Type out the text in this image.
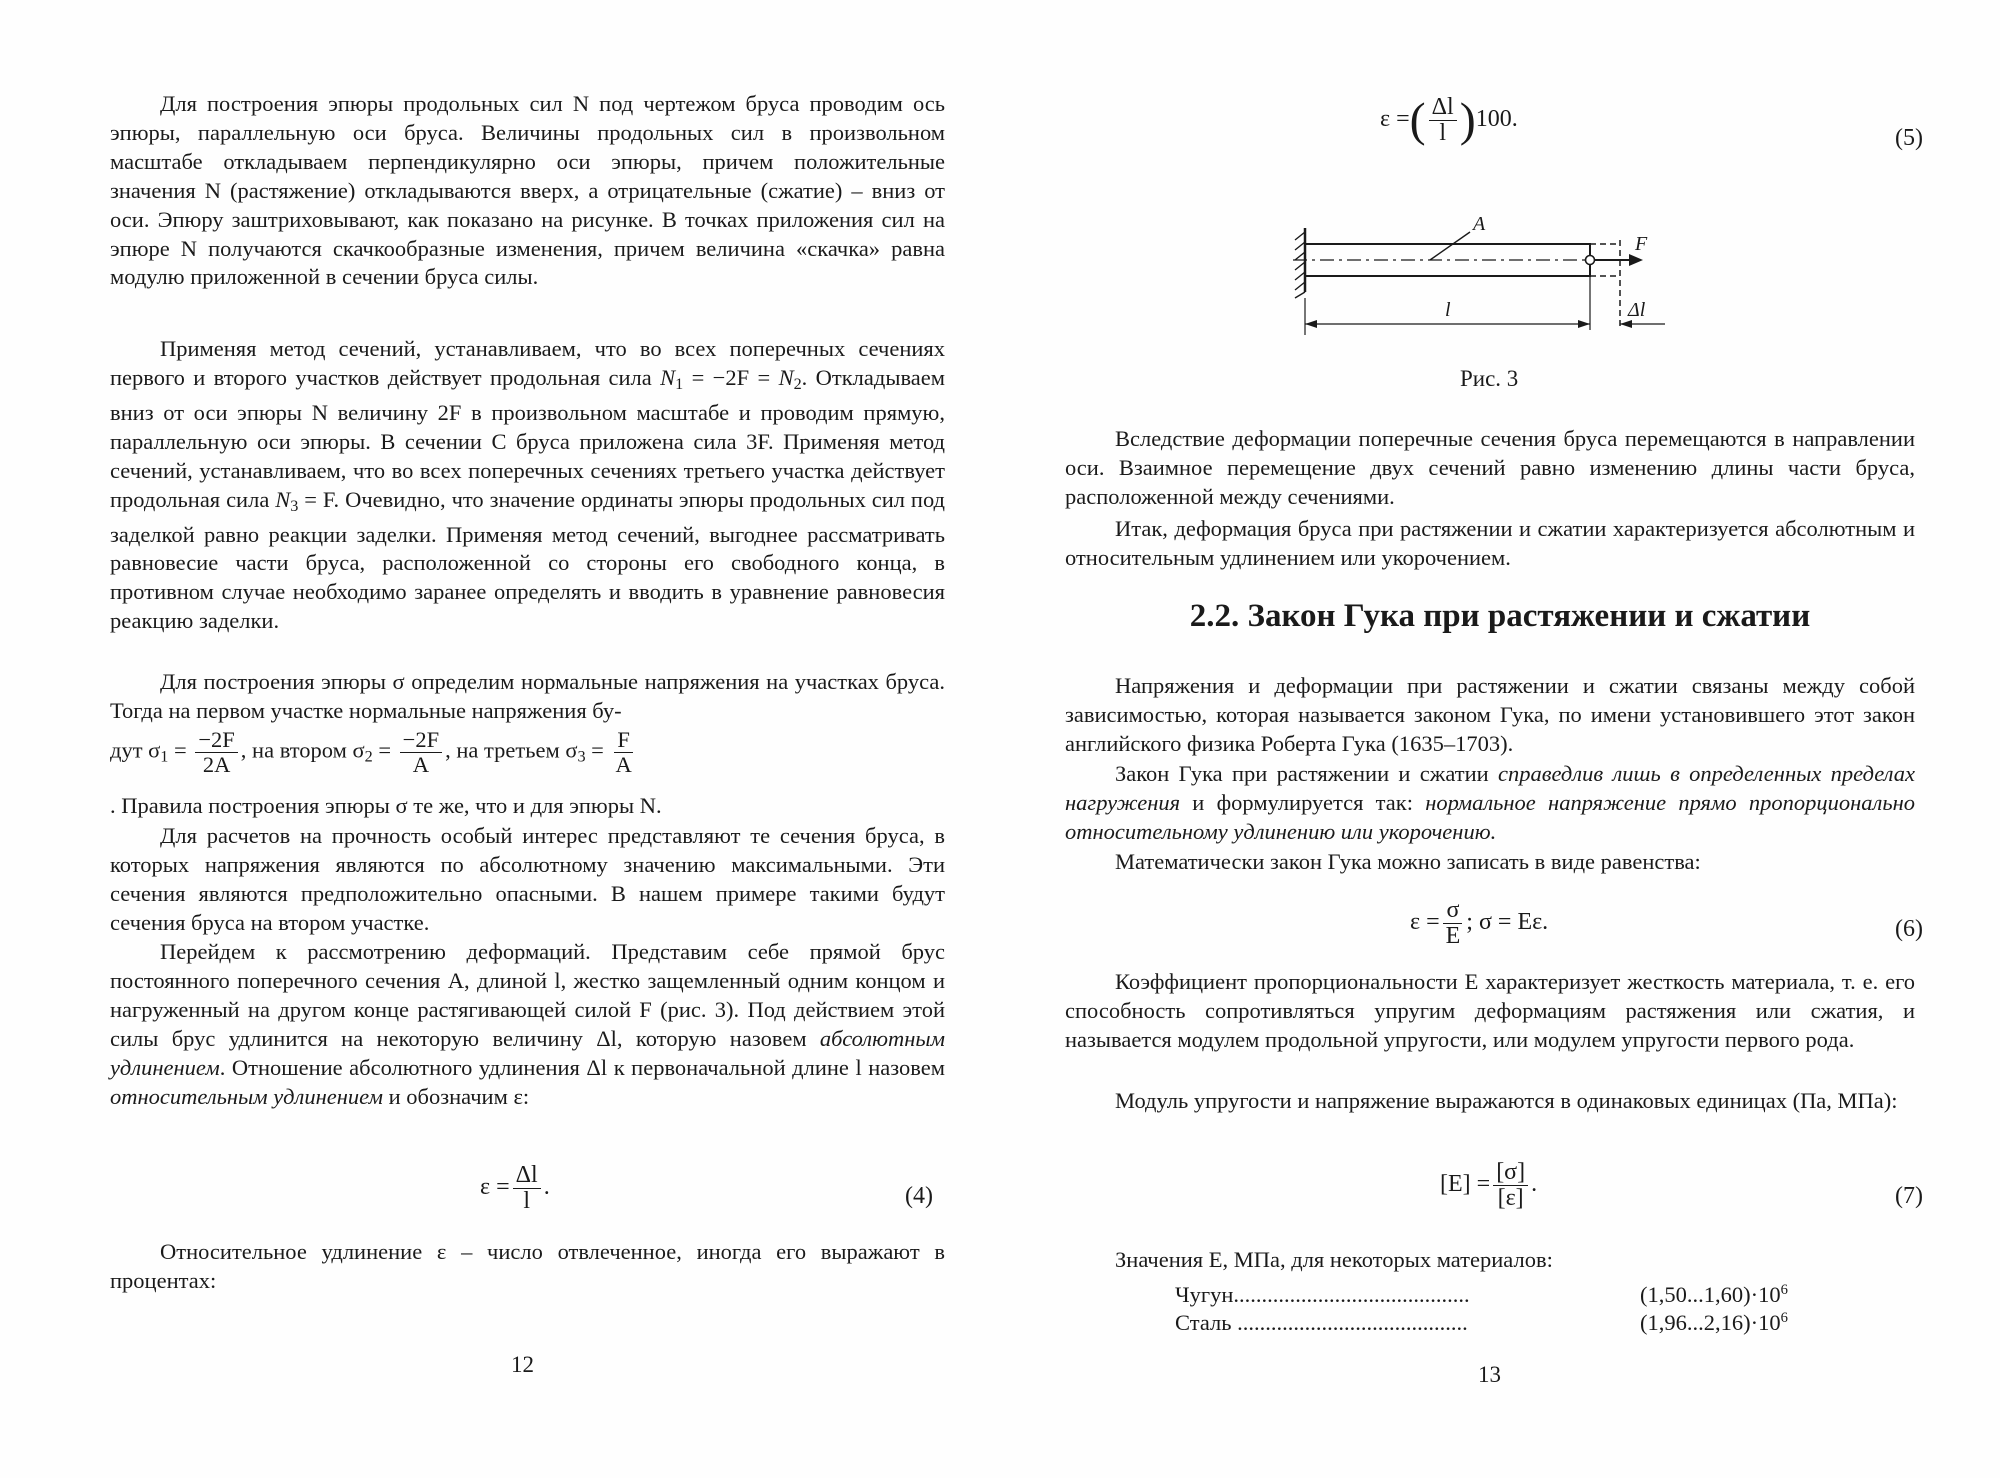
Для построения эпюры продольных сил N под чертежом бруса проводим ось эпюры, параллельную оси бруса. Величины продольных сил в произвольном масштабе откладываем перпендикулярно оси эпюры, причем положительные значения N (растяжение) откладываются вверх, а отрицательные (сжатие) – вниз от оси. Эпюру заштриховывают, как показано на рисунке. В точках приложения сил на эпюре N получаются скачкообразные изменения, причем величина «скачка» равна модулю приложенной в сечении бруса силы.

Применяя метод сечений, устанавливаем, что во всех поперечных сечениях первого и второго участков действует продольная сила $N_1 = -2F = N_2$. Откладываем вниз от оси эпюры N величину 2F в произвольном масштабе и проводим прямую, параллельную оси эпюры. В сечении C бруса приложена сила 3F. Применяя метод сечений, устанавливаем, что во всех поперечных сечениях третьего участка действует продольная сила $N_3 = F$. Очевидно, что значение ординаты эпюры продольных сил под заделкой равно реакции заделки. Применяя метод сечений, выгоднее рассматривать равновесие части бруса, расположенной со стороны его свободного конца, в противном случае необходимо заранее определять и вводить в уравнение равновесия реакцию заделки.

Для построения эпюры σ определим нормальные напряжения на участках бруса. Тогда на первом участке нормальные напряжения бу-

дут $\sigma_1 = \frac{-2F}{2A}$ , на втором $\sigma_2 = \frac{-2F}{A}$ , на третьем $\sigma_3 = \frac{F}{A}$

. Правила построения эпюры σ те же, что и для эпюры N.

Для расчетов на прочность особый интерес представляют те сечения бруса, в которых напряжения являются по абсолютному значению максимальными. Эти сечения являются предположительно опасными. В нашем примере такими будут сечения бруса на втором участке.

Перейдем к рассмотрению деформаций. Представим себе прямой брус постоянного поперечного сечения A, длиной l, жестко защемленный одним концом и нагруженный на другом конце растягивающей силой F (рис. 3). Под действием этой силы брус удлинится на некоторую величину Δl, которую назовем абсолютным удлинением. Отношение абсолютного удлинения Δl к первоначальной длине l назовем относительным удлинением и обозначим ε:

$\varepsilon = \frac{\Delta l}{l}$ .	(4)

Относительное удлинение ε – число отвлеченное, иногда его выражают в процентах:

12
ε =( $\frac{\Delta l}{l} )100$.
(5)
A
F
l	Δl
Рис. 3

Вследствие деформации поперечные сечения бруса перемещаются в направлении оси. Взаимное перемещение двух сечений равно изменению длины части бруса, расположенной между сечениями.

Итак, деформация бруса при растяжении и сжатии характеризуется абсолютным и относительным удлинением или укорочением.

2.2. Закон Гука при растяжении и сжатии

Напряжения и деформации при растяжении и сжатии связаны между собой зависимостью, которая называется законом Гука, по имени установившего этот закон английского физика Роберта Гука (1635–1703).

Закон Гука при растяжении и сжатии справедлив лишь в определенных пределах нагружения и формулируется так: нормальное напряжение прямо пропорционально относительному удлинению или укорочению.

Математически закон Гука можно записать в виде равенства:

$\varepsilon = \frac{\sigma}{E}$ ; σ = Eε.	(6)

Коэффициент пропорциональности E характеризует жесткость материала, т. е. его способность сопротивляться упругим деформациям растяжения или сжатия, и называется модулем продольной упругости, или модулем упругости первого рода.

Модуль упругости и напряжение выражаются в одинаковых единицах (Па, МПа):

$[E] = \frac{[\sigma]}{[\varepsilon]}$ .	(7)

Значения E, МПа, для некоторых материалов:

Чугун..........................................	$(1,50...1,60)\cdot 10^6$
Сталь .........................................	$(1,96...2,16)\cdot 10^6$
13
